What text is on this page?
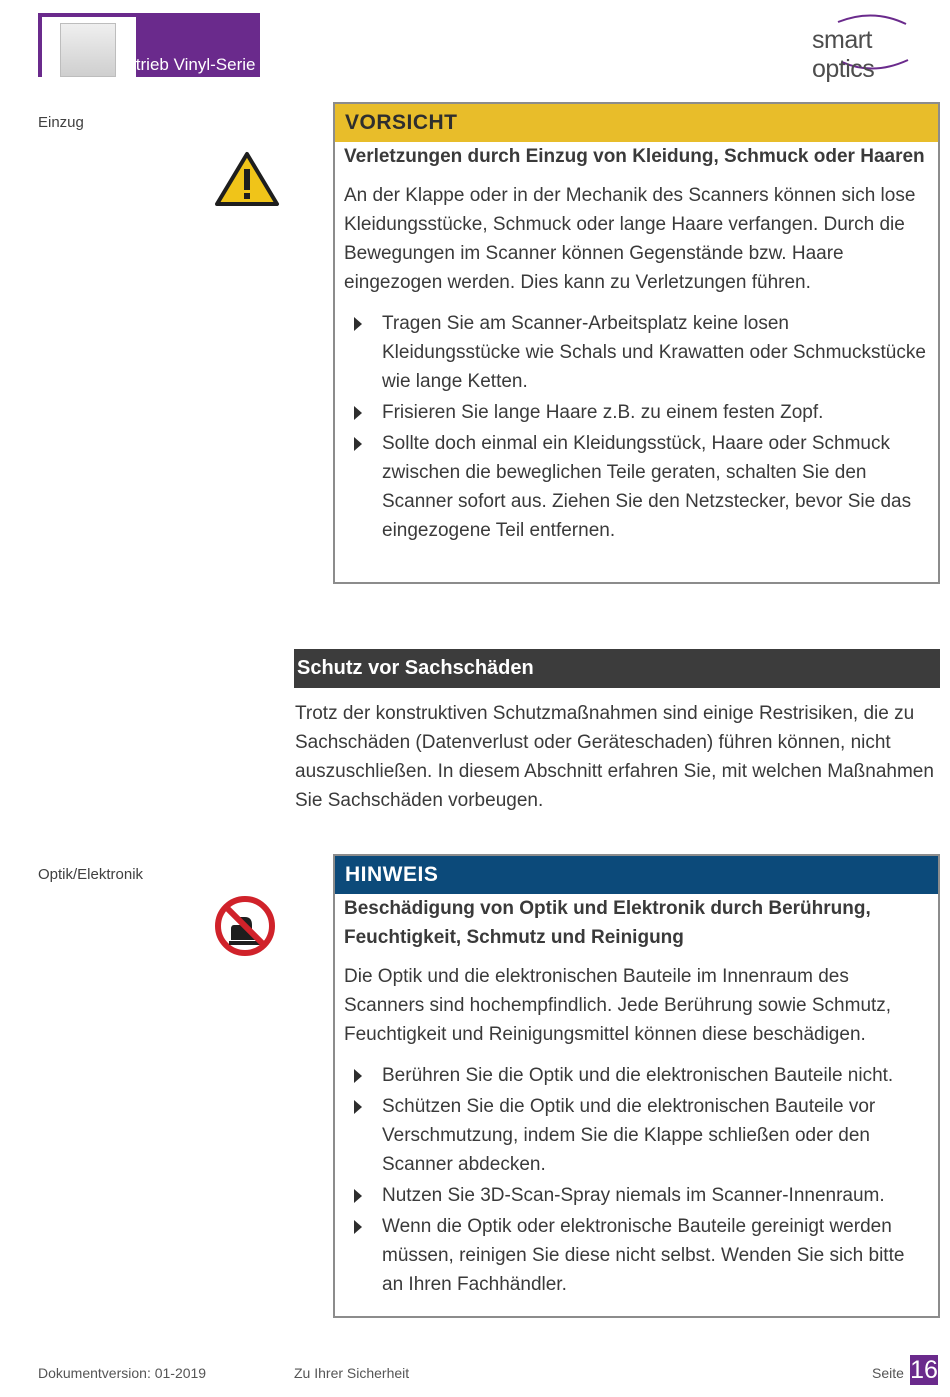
Betrieb Vinyl-Serie
smart optics
Einzug
Optik/Elektronik
VORSICHT
Verletzungen durch Einzug von Kleidung, Schmuck oder Haaren
An der Klappe oder in der Mechanik des Scanners können sich lose Kleidungsstücke, Schmuck oder lange Haare verfangen. Durch die Bewegungen im Scanner können Gegenstände bzw. Haare eingezogen werden. Dies kann zu Verletzungen führen.
Tragen Sie am Scanner-Arbeitsplatz keine losen Kleidungsstücke wie Schals und Krawatten oder Schmuckstücke wie lange Ketten.
Frisieren Sie lange Haare z.B. zu einem festen Zopf.
Sollte doch einmal ein Kleidungsstück, Haare oder Schmuck zwischen die beweglichen Teile geraten, schalten Sie den Scanner sofort aus. Ziehen Sie den Netzstecker, bevor Sie das eingezogene Teil entfernen.
Schutz vor Sachschäden
Trotz der konstruktiven Schutzmaßnahmen sind einige Restrisiken, die zu Sachschäden (Datenverlust oder Geräteschaden) führen können, nicht auszuschließen. In diesem Abschnitt erfahren Sie, mit welchen Maßnahmen Sie Sachschäden vorbeugen.
HINWEIS
Beschädigung von Optik und Elektronik durch Berührung, Feuchtigkeit, Schmutz und Reinigung
Die Optik und die elektronischen Bauteile im Innenraum des Scanners sind hochempfindlich. Jede Berührung sowie Schmutz, Feuchtigkeit und Reinigungsmittel können diese beschädigen.
Berühren Sie die Optik und die elektronischen Bauteile nicht.
Schützen Sie die Optik und die elektronischen Bauteile vor Verschmutzung, indem Sie die Klappe schließen oder den Scanner abdecken.
Nutzen Sie 3D-Scan-Spray niemals im Scanner-Innenraum.
Wenn die Optik oder elektronische Bauteile gereinigt werden müssen, reinigen Sie diese nicht selbst. Wenden Sie sich bitte an Ihren Fachhändler.
Dokumentversion: 01-2019	Zu Ihrer Sicherheit	Seite 16
